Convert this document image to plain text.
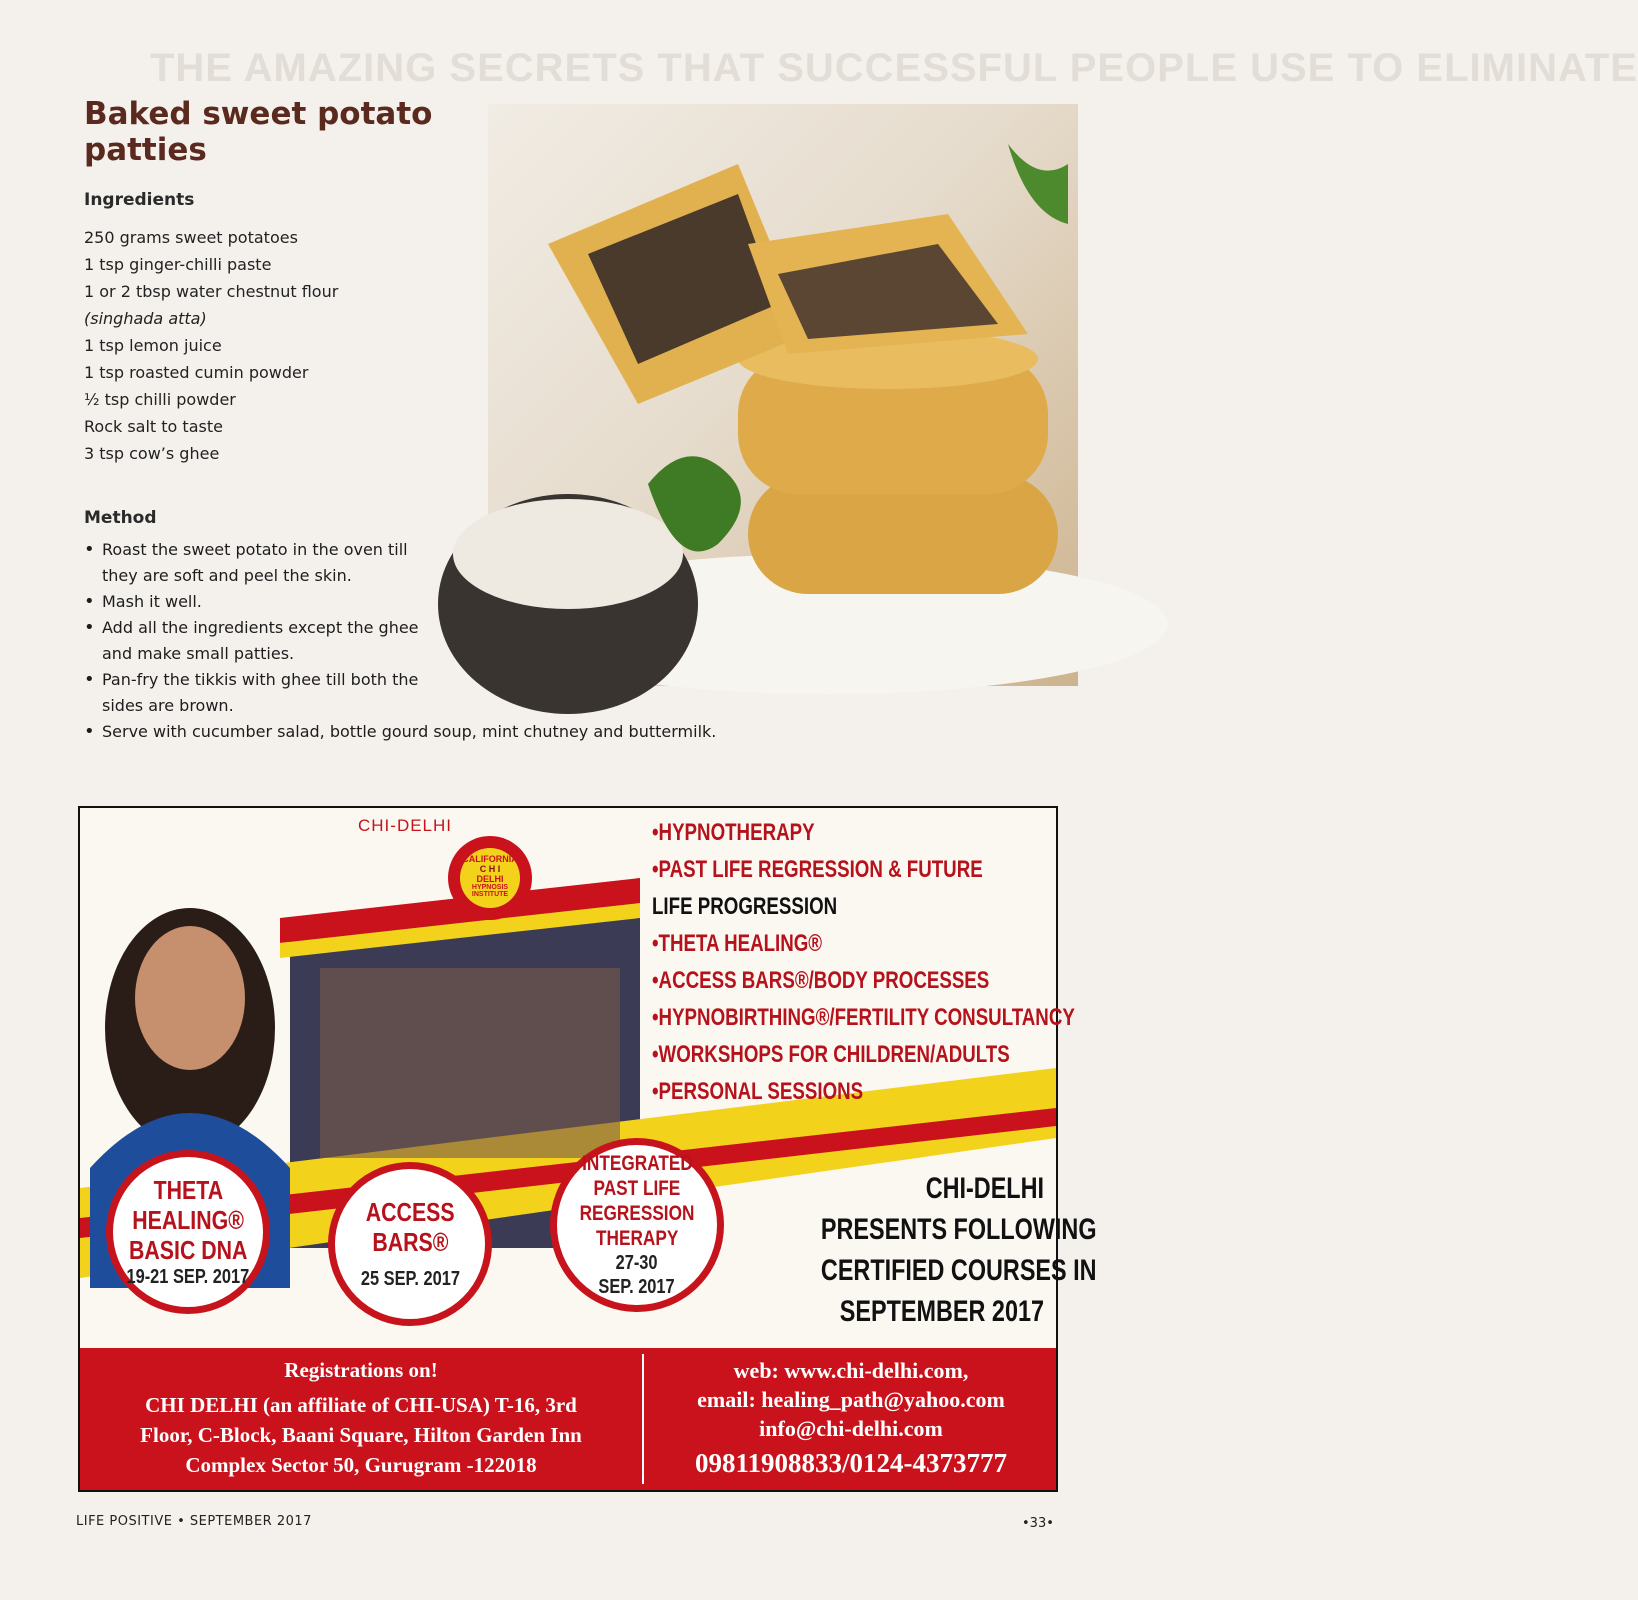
THE AMAZING SECRETS THAT SUCCESSFUL PEOPLE USE TO ELIMINATE
Baked sweet potato patties
Ingredients
250 grams sweet potatoes
1 tsp ginger-chilli paste
1 or 2 tbsp water chestnut flour
(singhada atta)
1 tsp lemon juice
1 tsp roasted cumin powder
½ tsp chilli powder
Rock salt to taste
3 tsp cow’s ghee
Method
• Roast the sweet potato in the oven till they are soft and peel the skin.
• Mash it well.
• Add all the ingredients except the ghee and make small patties.
• Pan-fry the tikkis with ghee till both the sides are brown.
• Serve with cucumber salad, bottle gourd soup, mint chutney and buttermilk.
CHI-DELHI
CALIFORNIA
C H I
DELHI
HYPNOSIS INSTITUTE
•HYPNOTHERAPY
•PAST LIFE REGRESSION & FUTURE
LIFE PROGRESSION
•THETA HEALING®
•ACCESS BARS®/BODY PROCESSES
•HYPNOBIRTHING®/FERTILITY CONSULTANCY
•WORKSHOPS FOR CHILDREN/ADULTS
•PERSONAL SESSIONS
THETA
HEALING®
BASIC DNA
19-21 SEP. 2017
ACCESS
BARS®
25 SEP. 2017
INTEGRATED
PAST LIFE
REGRESSION
THERAPY
27-30
SEP. 2017
CHI-DELHI
PRESENTS FOLLOWING
CERTIFIED COURSES IN
SEPTEMBER 2017
Registrations on!
CHI DELHI (an affiliate of CHI-USA) T-16, 3rd
Floor, C-Block, Baani Square, Hilton Garden Inn
Complex Sector 50, Gurugram -122018
web: www.chi-delhi.com,
email: healing_path@yahoo.com
info@chi-delhi.com
09811908833/0124-4373777
LIFE POSITIVE • SEPTEMBER 2017	•33•
